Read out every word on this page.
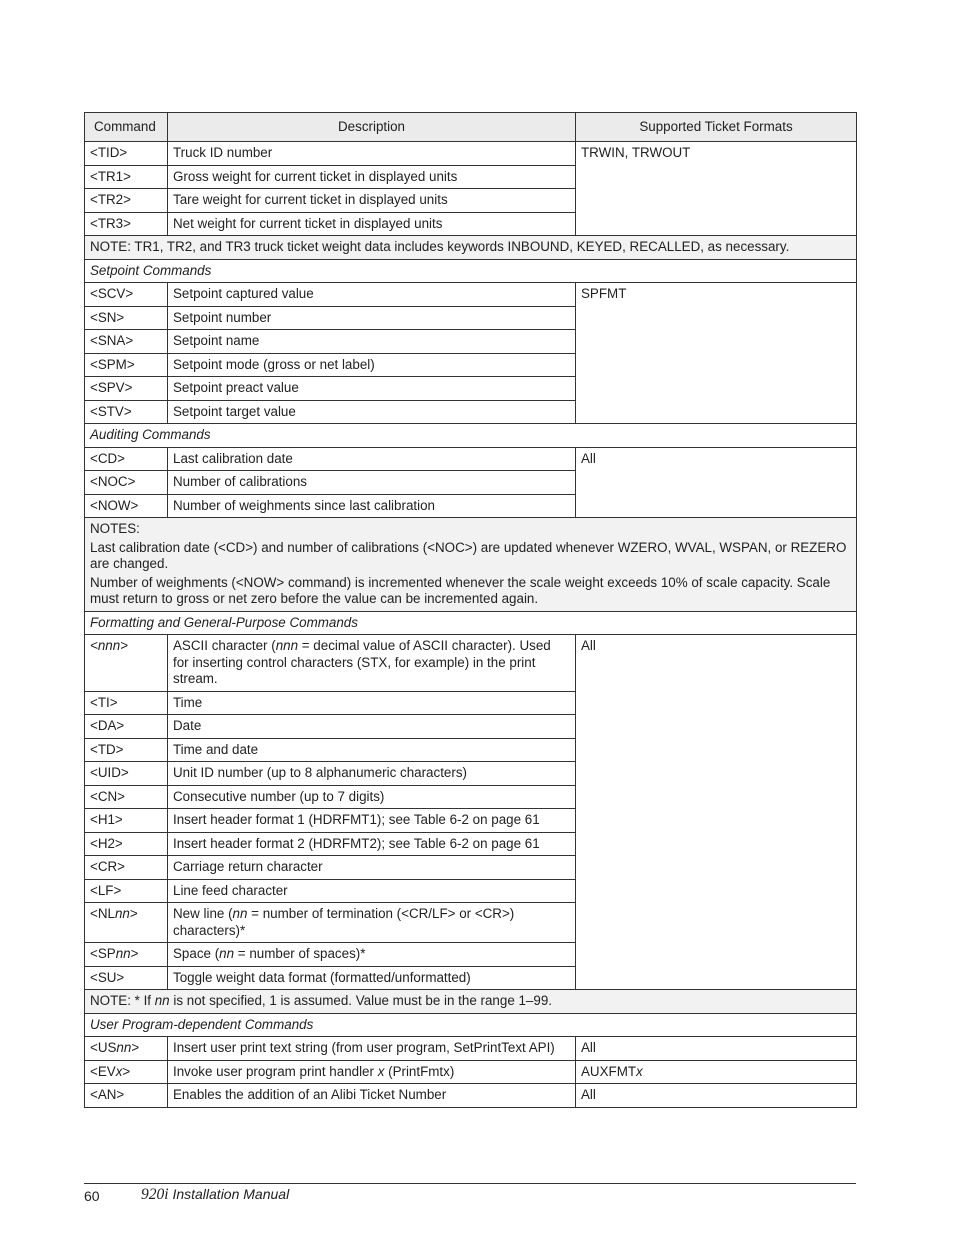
Command	Description	Supported Ticket Formats
<TID>	Truck ID number	TRWIN, TRWOUT
<TR1>	Gross weight for current ticket in displayed units	
<TR2>	Tare weight for current ticket in displayed units	
<TR3>	Net weight for current ticket in displayed units	
NOTE: TR1, TR2, and TR3 truck ticket weight data includes keywords INBOUND, KEYED, RECALLED, as necessary.		
Setpoint Commands		
<SCV>	Setpoint captured value	SPFMT
<SN>	Setpoint number	
<SNA>	Setpoint name	
<SPM>	Setpoint mode (gross or net label)	
<SPV>	Setpoint preact value	
<STV>	Setpoint target value	
Auditing Commands		
<CD>	Last calibration date	All
<NOC>	Number of calibrations	
<NOW>	Number of weighments since last calibration	

NOTES:

Last calibration date (<CD>) and number of calibrations (<NOC>) are updated whenever WZERO, WVAL, WSPAN, or REZERO are changed.

Number of weighments (<NOW> command) is incremented whenever the scale weight exceeds 10% of scale capacity. Scale must return to gross or net zero before the value can be incremented again.		

Formatting and General-Purpose Commands		
<nnn>	ASCII character (nnn = decimal value of ASCII character). Used for inserting control characters (STX, for example) in the print stream.	All
<TI>	Time	
<DA>	Date	
<TD>	Time and date	
<UID>	Unit ID number (up to 8 alphanumeric characters)	
<CN>	Consecutive number (up to 7 digits)	
<H1>	Insert header format 1 (HDRFMT1); see Table 6-2 on page 61	
<H2>	Insert header format 2 (HDRFMT2); see Table 6-2 on page 61	
<CR>	Carriage return character	
<LF>	Line feed character	
<NLnn>	New line (nn = number of termination (<CR/LF> or <CR>) characters)*	
<SPnn>	Space (nn = number of spaces)*	
<SU>	Toggle weight data format (formatted/unformatted)	
NOTE: * If nn is not specified, 1 is assumed. Value must be in the range 1–99.		
User Program-dependent Commands		
<USnn>	Insert user print text string (from user program, SetPrintText API)	All
<EVx>	Invoke user program print handler x (PrintFmtx)	AUXFMTx
<AN>	Enables the addition of an Alibi Ticket Number	All
60	920i Installation Manual
